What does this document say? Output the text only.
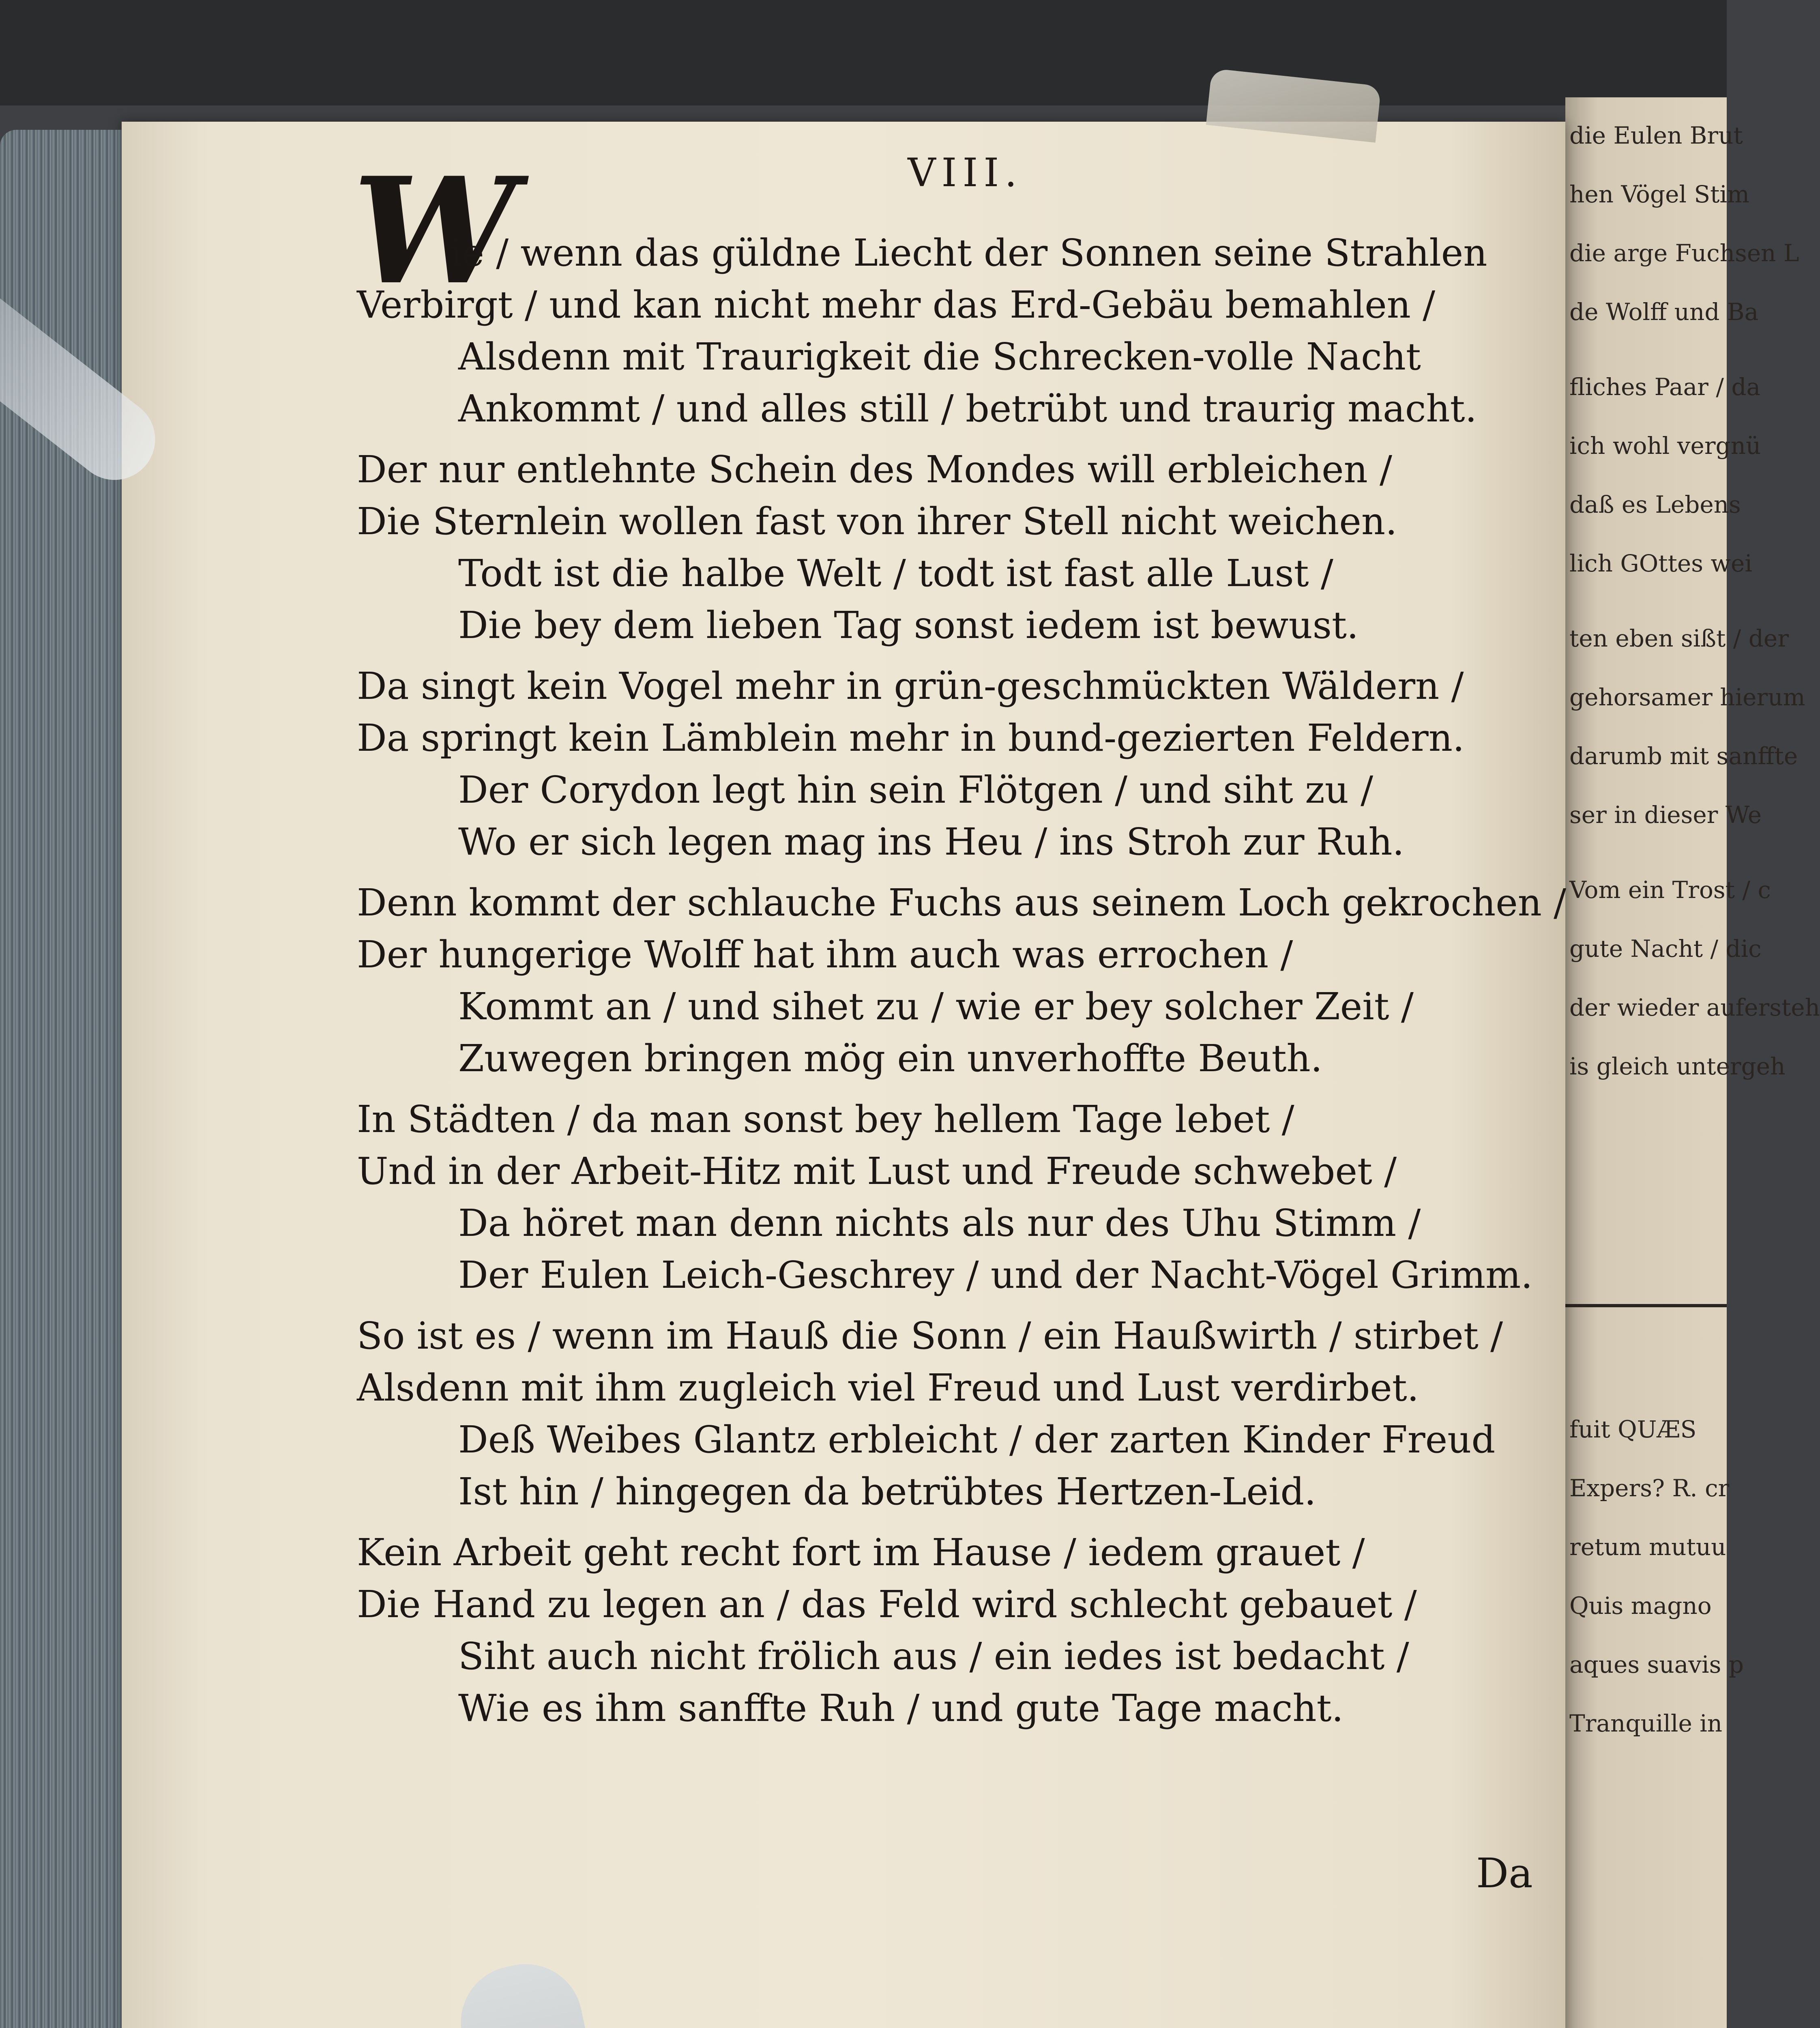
die Eulen Brut
hen Vögel Stim
die arge Fuchsen L
de Wolff und Ba
fliches Paar / da
ich wohl vergnü
daß es Lebens
lich GOttes wei
ten eben sißt / der
gehorsamer hierum
darumb mit sanffte
ser in dieser We
Vom ein Trost / c
gute Nacht / dic
der wieder aufersteh
is gleich untergeh
fuit QUÆS
Expers? R. cr
retum mutuu
Quis magno
aques suavis p
Tranquille in
VIII.
W
ie / wenn das güldne Liecht der Sonnen seine Strahlen
Verbirgt / und kan nicht mehr das Erd-Gebäu bemahlen /
Alsdenn mit Traurigkeit die Schrecken-volle Nacht
Ankommt / und alles still / betrübt und traurig macht.
Der nur entlehnte Schein des Mondes will erbleichen /
Die Sternlein wollen fast von ihrer Stell nicht weichen.
Todt ist die halbe Welt / todt ist fast alle Lust /
Die bey dem lieben Tag sonst iedem ist bewust.
Da singt kein Vogel mehr in grün-geschmückten Wäldern /
Da springt kein Lämblein mehr in bund-gezierten Feldern.
Der Corydon legt hin sein Flötgen / und siht zu /
Wo er sich legen mag ins Heu / ins Stroh zur Ruh.
Denn kommt der schlauche Fuchs aus seinem Loch gekrochen /
Der hungerige Wolff hat ihm auch was errochen /
Kommt an / und sihet zu / wie er bey solcher Zeit /
Zuwegen bringen mög ein unverhoffte Beuth.
In Städten / da man sonst bey hellem Tage lebet /
Und in der Arbeit-Hitz mit Lust und Freude schwebet /
Da höret man denn nichts als nur des Uhu Stimm /
Der Eulen Leich-Geschrey / und der Nacht-Vögel Grimm.
So ist es / wenn im Hauß die Sonn / ein Haußwirth / stirbet /
Alsdenn mit ihm zugleich viel Freud und Lust verdirbet.
Deß Weibes Glantz erbleicht / der zarten Kinder Freud
Ist hin / hingegen da betrübtes Hertzen-Leid.
Kein Arbeit geht recht fort im Hause / iedem grauet /
Die Hand zu legen an / das Feld wird schlecht gebauet /
Siht auch nicht frölich aus / ein iedes ist bedacht /
Wie es ihm sanffte Ruh / und gute Tage macht.
Da
